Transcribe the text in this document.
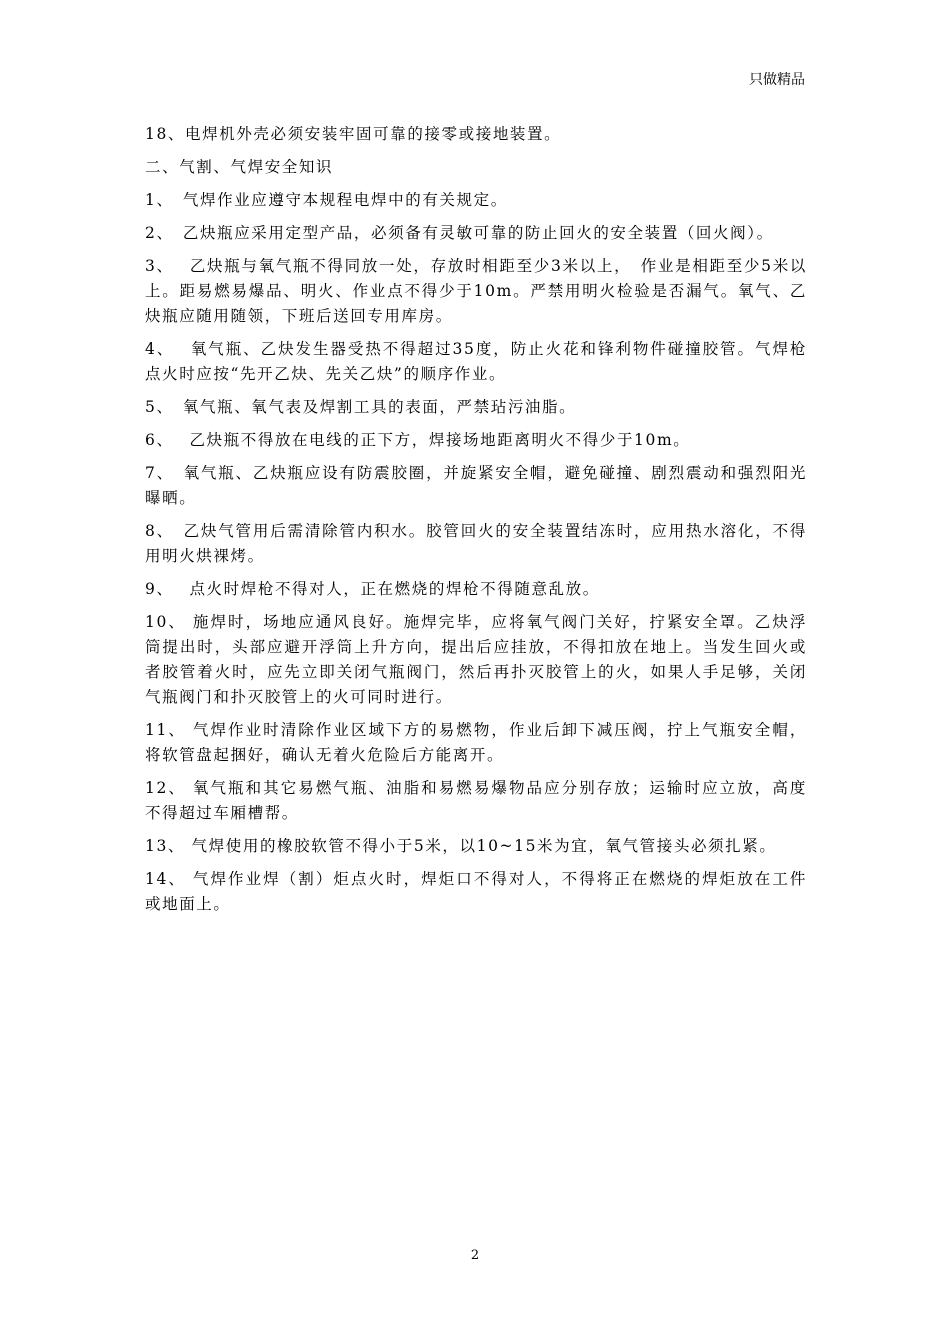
只做精品

18、电焊机外壳必须安装牢固可靠的接零或接地装置。

二、气割、气焊安全知识

1、　气焊作业应遵守本规程电焊中的有关规定。

2、　乙炔瓶应采用定型产品，必须备有灵敏可靠的防止回火的安全装置（回火阀）。

3、　 乙炔瓶与氧气瓶不得同放一处，存放时相距至少3米以上，　作业是相距至少5米以上。距易燃易爆品、明火、作业点不得少于10m。严禁用明火检验是否漏气。氧气、乙炔瓶应随用随领，下班后送回专用库房。

4、　 氧气瓶、乙炔发生器受热不得超过35度，防止火花和锋利物件碰撞胶管。气焊枪点火时应按“先开乙炔、先关乙炔”的顺序作业。

5、　氧气瓶、氧气表及焊割工具的表面，严禁玷污油脂。

6、　 乙炔瓶不得放在电线的正下方，焊接场地距离明火不得少于10m。

7、　氧气瓶、乙炔瓶应设有防震胶圈，并旋紧安全帽，避免碰撞、剧烈震动和强烈阳光曝晒。

8、　乙炔气管用后需清除管内积水。胶管回火的安全装置结冻时，应用热水溶化，不得用明火烘裸烤。

9、　 点火时焊枪不得对人，正在燃烧的焊枪不得随意乱放。

10、 施焊时，场地应通风良好。施焊完毕，应将氧气阀门关好，拧紧安全罩。乙炔浮筒提出时，头部应避开浮筒上升方向，提出后应挂放，不得扣放在地上。当发生回火或者胶管着火时，应先立即关闭气瓶阀门，然后再扑灭胶管上的火，如果人手足够，关闭气瓶阀门和扑灭胶管上的火可同时进行。

11、 气焊作业时清除作业区域下方的易燃物，作业后卸下减压阀，拧上气瓶安全帽，将软管盘起捆好，确认无着火危险后方能离开。

12、 氧气瓶和其它易燃气瓶、油脂和易燃易爆物品应分别存放；运输时应立放，高度不得超过车厢槽帮。

13、 气焊使用的橡胶软管不得小于5米，以10~15米为宜，氧气管接头必须扎紧。

14、 气焊作业焊（割）炬点火时，焊炬口不得对人，不得将正在燃烧的焊炬放在工件或地面上。

2
